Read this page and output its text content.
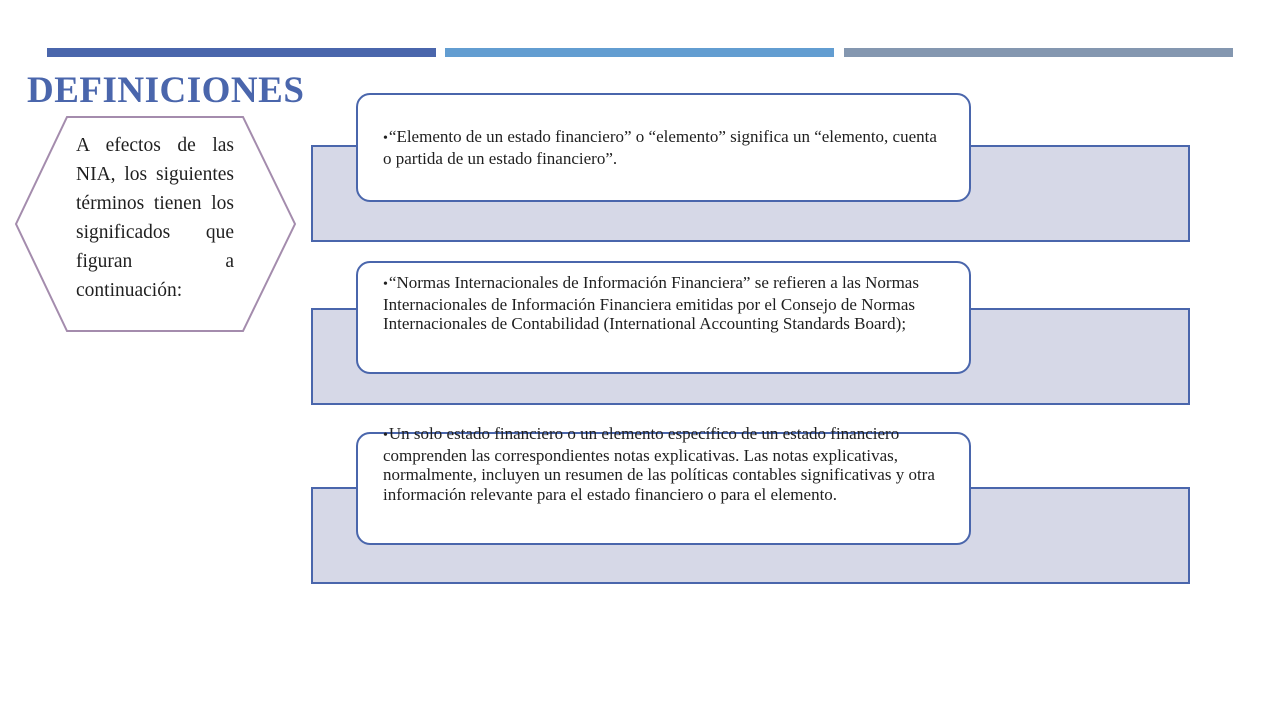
DEFINICIONES
A efectos de las NIA, los siguientes términos tienen los significados que figuran a continuación:
•“Elemento de un estado financiero” o “elemento” significa un “elemento, cuenta o partida de un estado financiero”.
•“Normas Internacionales de Información Financiera” se refieren a las Normas Internacionales de Información Financiera emitidas por el Consejo de Normas Internacionales de Contabilidad (International Accounting Standards Board);
•Un solo estado financiero o un elemento específico de un estado financiero comprenden las correspondientes notas explicativas. Las notas explicativas, normalmente, incluyen un resumen de las políticas contables significativas y otra información relevante para el estado financiero o para el elemento.
